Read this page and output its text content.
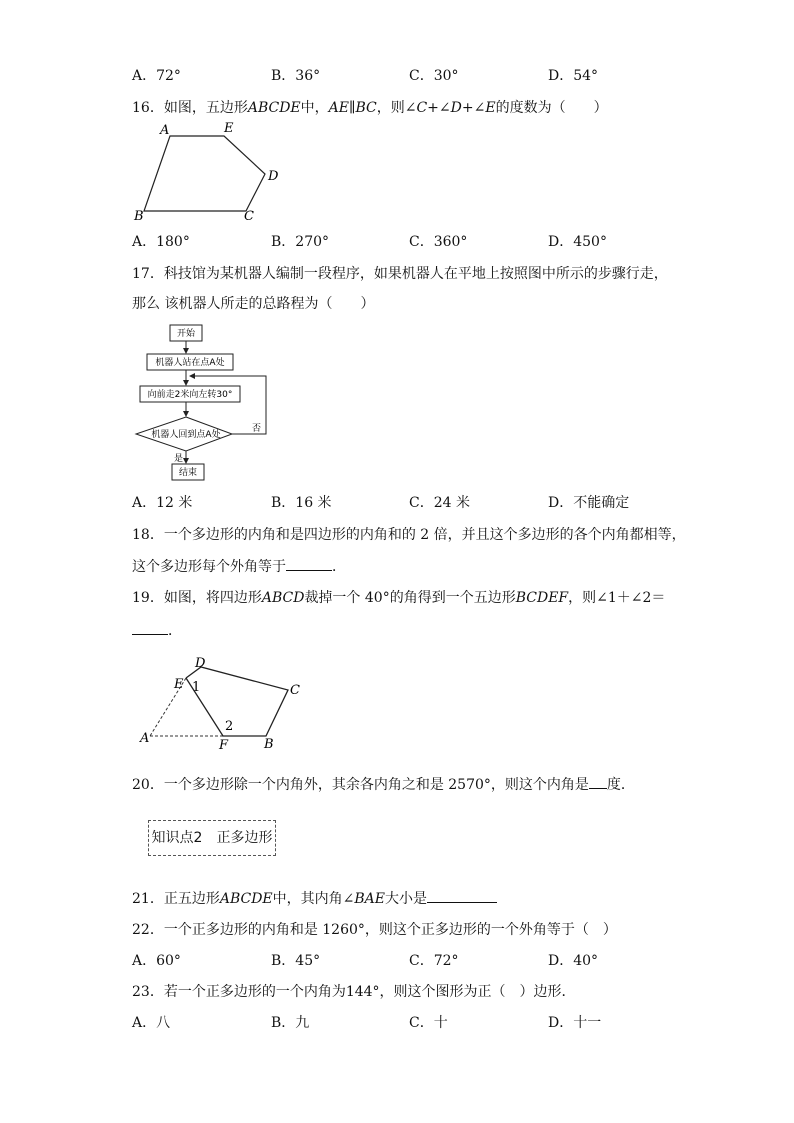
A．72°	B．36°	C．30°	D．54°
16．如图，五边形ABCDE中，AE∥BC，则∠C+∠D+∠E的度数为（　　）
A	E
D
C
B
A．180°	B．270°	C．360°	D．450°
17．科技馆为某机器人编制一段程序，如果机器人在平地上按照图中所示的步骤行走，
那么 该机器人所走的总路程为（　　）
开始
机器人站在点A处
向前走2米向左转30°
机器人回到点A处
否
是
结束
A．12 米	B．16 米	C．24 米	D．不能确定
18．一个多边形的内角和是四边形的内角和的 2 倍，并且这个多边形的各个内角都相等，
这个多边形每个外角等于	．
19．如图，将四边形ABCD裁掉一个 40°的角得到一个五边形BCDEF，则∠1＋∠2＝
．
D
E 1	C
2
A	F	B
20．一个多边形除一个内角外，其余各内角之和是 2570°，则这个内角是 度．
知识点2　正多边形
21．正五边形ABCDE中，其内角∠BAE大小是
22．一个正多边形的内角和是 1260°，则这个正多边形的一个外角等于（　）
A．60°	B．45°	C．72°	D．40°
23．若一个正多边形的一个内角为144°，则这个图形为正（　）边形．
A．八	B．九	C．十	D．十一
